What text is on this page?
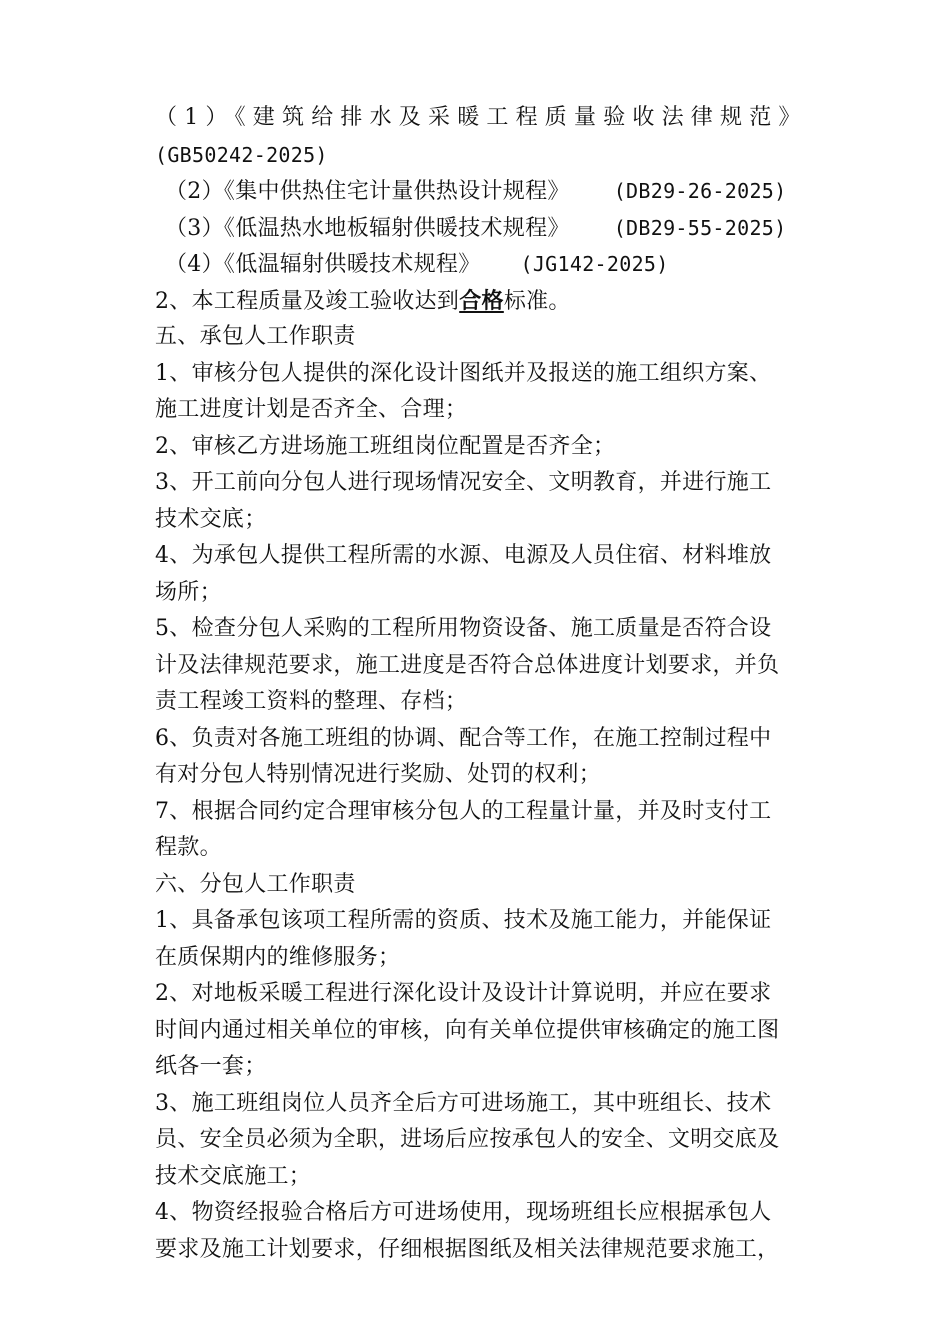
（1）《建筑给排水及采暖工程质量验收法律规范》
(GB50242-2025)
（2）《集中供热住宅计量供热设计规程》 (DB29-26-2025)
（3）《低温热水地板辐射供暖技术规程》 (DB29-55-2025)
（4）《低温辐射供暖技术规程》 (JG142-2025)
2、本工程质量及竣工验收达到合格标准。
五、承包人工作职责
1、审核分包人提供的深化设计图纸并及报送的施工组织方案、
施工进度计划是否齐全、合理；
2、审核乙方进场施工班组岗位配置是否齐全；
3、开工前向分包人进行现场情况安全、文明教育，并进行施工
技术交底；
4、为承包人提供工程所需的水源、电源及人员住宿、材料堆放
场所；
5、检查分包人采购的工程所用物资设备、施工质量是否符合设
计及法律规范要求，施工进度是否符合总体进度计划要求，并负
责工程竣工资料的整理、存档；
6、负责对各施工班组的协调、配合等工作，在施工控制过程中
有对分包人特别情况进行奖励、处罚的权利；
7、根据合同约定合理审核分包人的工程量计量，并及时支付工
程款。
六、分包人工作职责
1、具备承包该项工程所需的资质、技术及施工能力，并能保证
在质保期内的维修服务；
2、对地板采暖工程进行深化设计及设计计算说明，并应在要求
时间内通过相关单位的审核，向有关单位提供审核确定的施工图
纸各一套；
3、施工班组岗位人员齐全后方可进场施工，其中班组长、技术
员、安全员必须为全职，进场后应按承包人的安全、文明交底及
技术交底施工；
4、物资经报验合格后方可进场使用，现场班组长应根据承包人
要求及施工计划要求，仔细根据图纸及相关法律规范要求施工，
